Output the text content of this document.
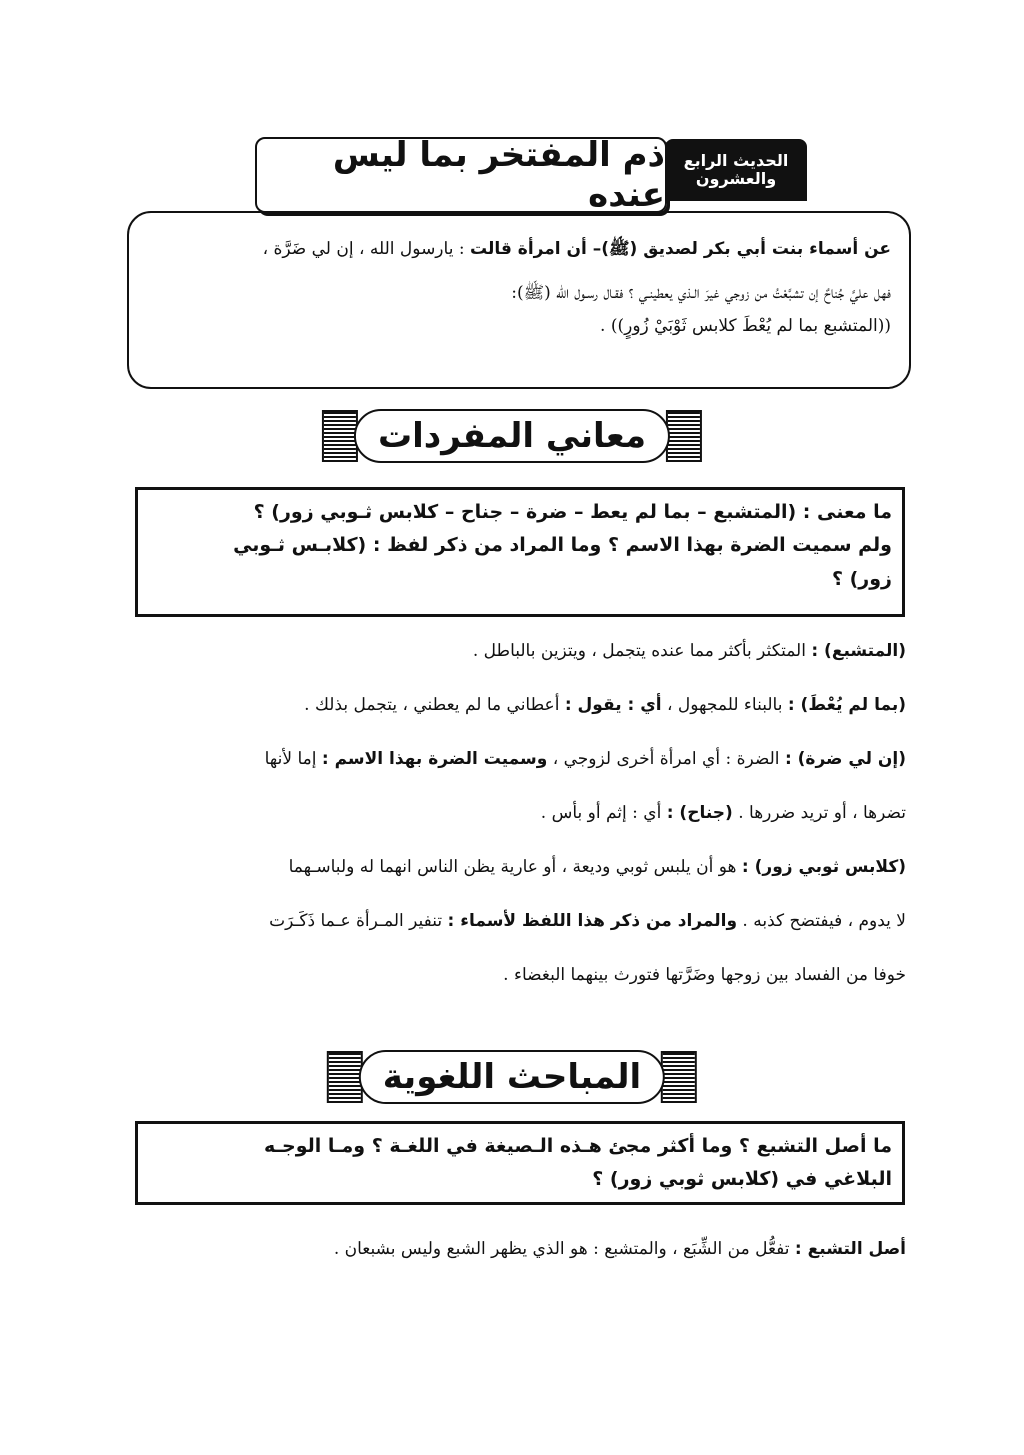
الحديث الرابع والعشرون
ذم المفتخر بما ليس عنده
عن أسماء بنت أبي بكر لصديق (ﷺ)– أن امرأة قالت : يارسول الله ، إن لي ضَرَّة ،
فهل عليَّ جُناحٌ إن تشبَّعْتُ من زوجي غيرَ الـذي يعطينـي ؟ فقـال رسـول الله (ﷺ):
((المتشبع بما لم يُعْطَ كلابس ثَوْبَيْ زُورٍ)) .
معاني المفردات
ما معنى : (المتشبع – بما لم يعط – ضرة – جناح – كلابس ثـوبي زور) ؟
ولم سميت الضرة بهذا الاسم ؟ وما المراد من ذكر لفظ : (كلابـس ثـوبي
زور) ؟

(المتشبع) : المتكثر بأكثر مما عنده يتجمل ، ويتزين بالباطل .

(بما لم يُعْطَ) : بالبناء للمجهول ، أي : يقول : أعطاني ما لم يعطني ، يتجمل بذلك .

(إن لي ضرة) : الضرة : أي امرأة أخرى لزوجي ، وسميت الضرة بهذا الاسم : إما لأنها

تضرها ، أو تريد ضررها . (جناح) : أي : إثم أو بأس .

(كلابس ثوبي زور) : هو أن يلبس ثوبي وديعة ، أو عارية يظن الناس انهما له ولباسـهما

لا يدوم ، فيفتضح كذبه . والمراد من ذكر هذا اللفظ لأسماء : تنفير المـرأة عـما ذَكَـرَت

خوفا من الفساد بين زوجها وضَرَّتها فتورث بينهما البغضاء .

المباحث اللغوية
ما أصل التشبع ؟ وما أكثر مجئ هـذه الـصيغة في اللغـة ؟ ومـا الوجـه
البلاغي في (كلابس ثوبي زور) ؟

أصل التشبع : تفعُّل من الشِّبَع ، والمتشبع : هو الذي يظهر الشبع وليس بشبعان .
